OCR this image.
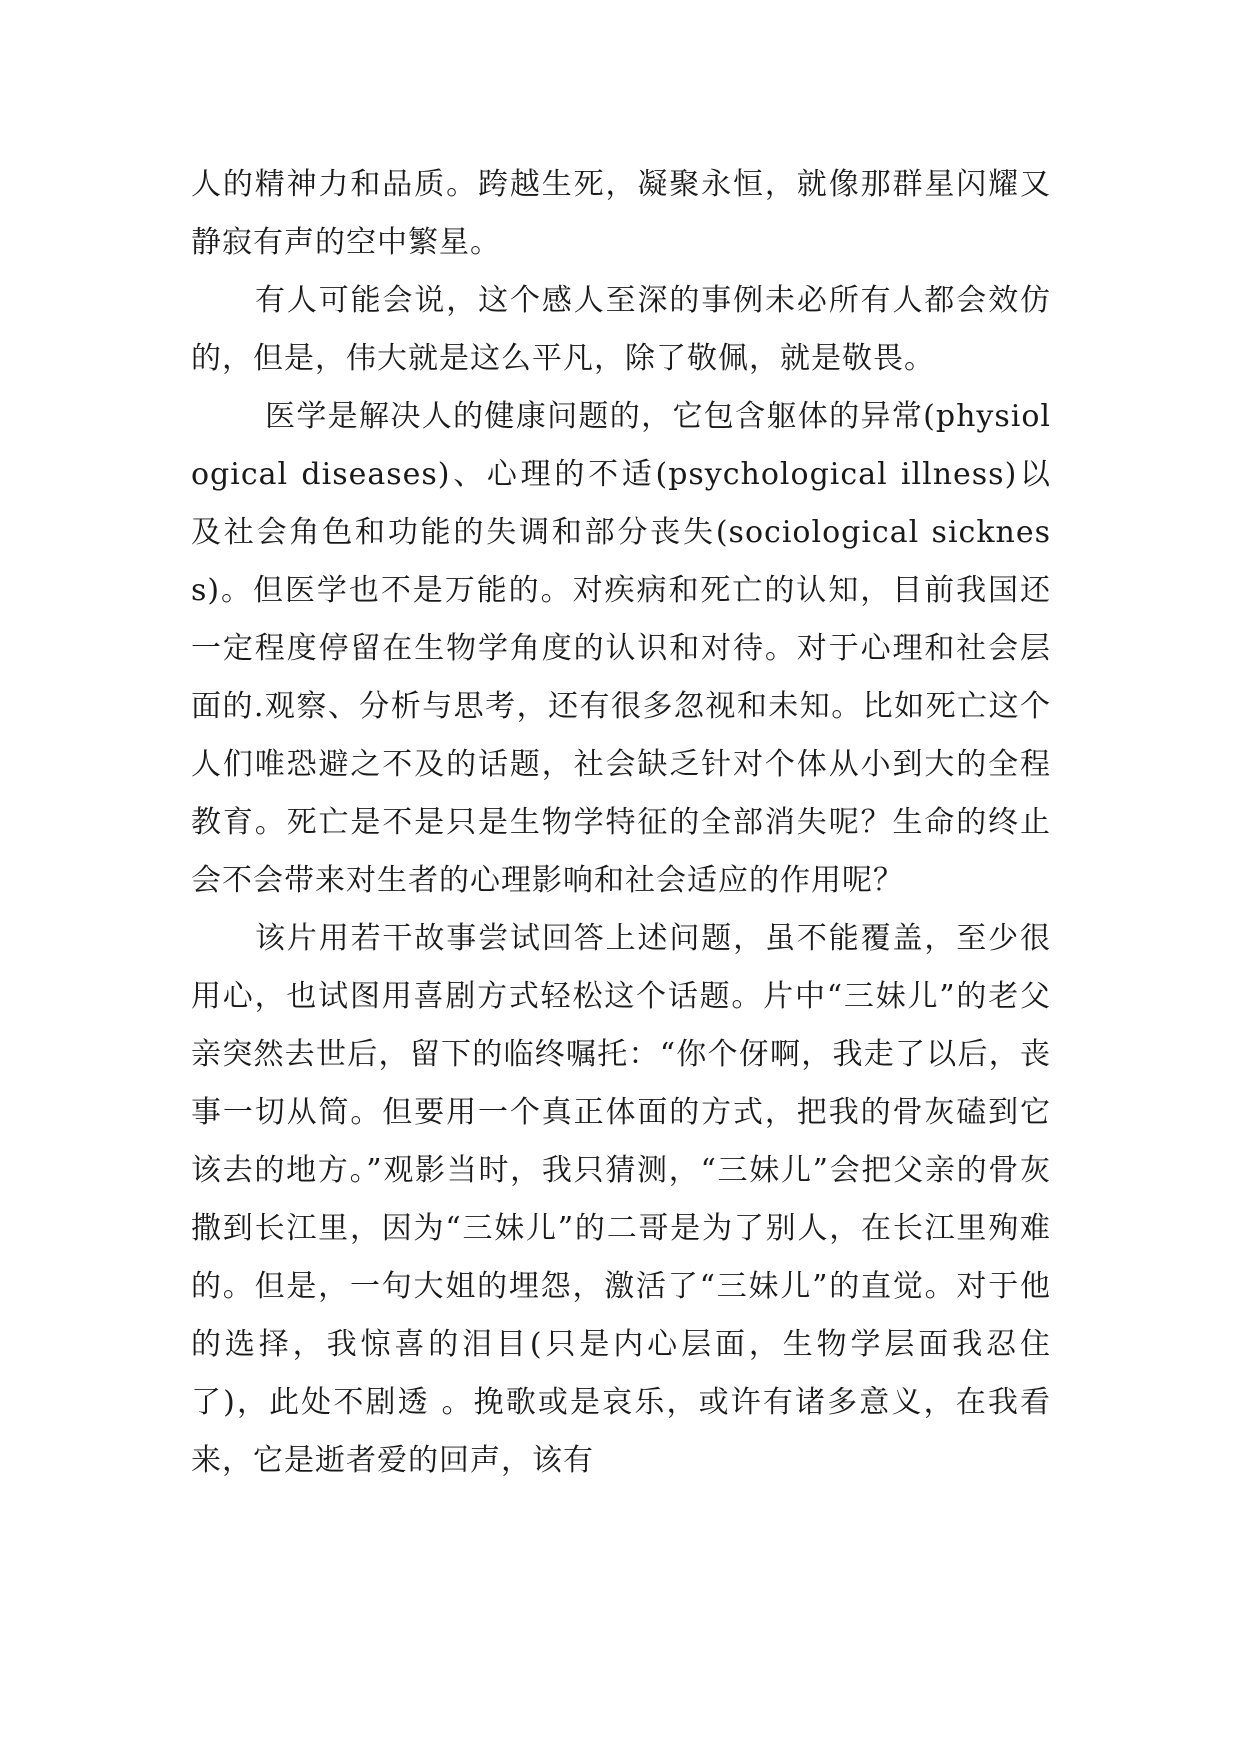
人的精神力和品质。跨越生死，凝聚永恒，就像那群星闪耀又静寂有声的空中繁星。

有人可能会说，这个感人至深的事例未必所有人都会效仿的，但是，伟大就是这么平凡，除了敬佩，就是敬畏。

医学是解决人的健康问题的，它包含躯体的异常(physiological diseases)、心理的不适(psychological illness)以及社会角色和功能的失调和部分丧失(sociological sickness)。但医学也不是万能的。对疾病和死亡的认知，目前我国还一定程度停留在生物学角度的认识和对待。对于心理和社会层面的.观察、分析与思考，还有很多忽视和未知。比如死亡这个人们唯恐避之不及的话题，社会缺乏针对个体从小到大的全程教育。死亡是不是只是生物学特征的全部消失呢？生命的终止会不会带来对生者的心理影响和社会适应的作用呢？

该片用若干故事尝试回答上述问题，虽不能覆盖，至少很用心，也试图用喜剧方式轻松这个话题。片中“三妹儿”的老父亲突然去世后，留下的临终嘱托：“你个伢啊，我走了以后，丧事一切从简。但要用一个真正体面的方式，把我的骨灰磕到它该去的地方。”观影当时，我只猜测，“三妹儿”会把父亲的骨灰撒到长江里，因为“三妹儿”的二哥是为了别人，在长江里殉难的。但是，一句大姐的埋怨，激活了“三妹儿”的直觉。对于他的选择，我惊喜的泪目(只是内心层面，生物学层面我忍住了)，此处不剧透 。挽歌或是哀乐，或许有诸多意义，在我看来，它是逝者爱的回声，该有
